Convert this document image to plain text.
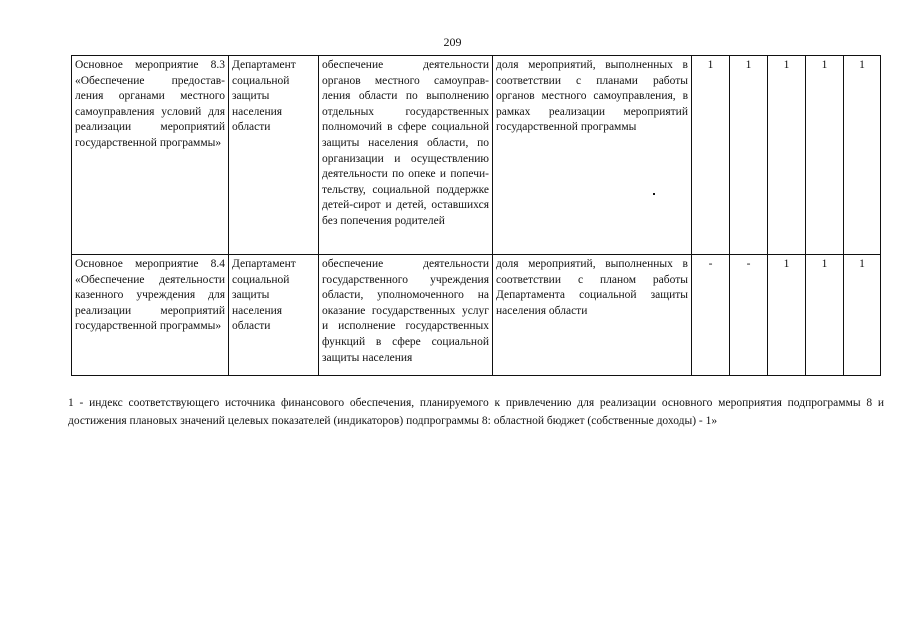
209
Основное мероприятие 8.3 «Обеспечение предоставления органами местного самоуправления условий для реализации мероприятий государственной программы»	Департамент социальной защиты населения области	обеспечение деятельности органов местного самоуправления области по выполнению отдельных государственных полномочий в сфере социальной защиты населения области, по организации и осуществлению деятельности по опеке и попечительству, социальной поддержке детей-сирот и детей, оставшихся без попечения родителей	доля мероприятий, выполненных в соответствии с планами работы органов местного самоуправления, в рамках реализации мероприятий государственной программы	1	1	1	1	1
Основное мероприятие 8.4 «Обеспечение деятельности казенного учреждения для реализации мероприятий государственной программы»	Департамент социальной защиты населения области	обеспечение деятельности государственного учреждения области, уполномоченного на оказание государственных услуг и исполнение государственных функций в сфере социальной защиты населения	доля мероприятий, выполненных в соответствии с планом работы Департамента социальной защиты населения области	-	-	1	1	1
1 - индекс соответствующего источника финансового обеспечения, планируемого к привлечению для реализации основного мероприятия подпрограммы 8 и достижения плановых значений целевых показателей (индикаторов) подпрограммы 8: областной бюджет (собственные доходы) - 1»
